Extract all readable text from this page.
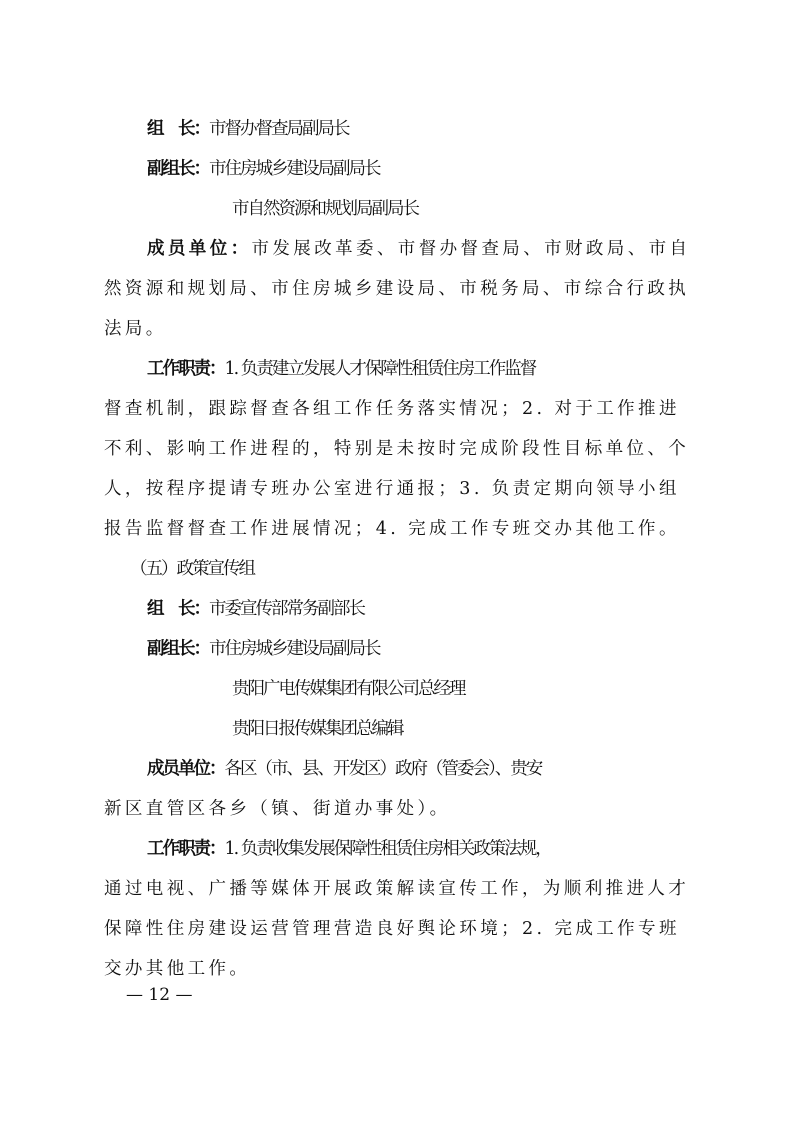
组　长：市督办督查局副局长
副组长：市住房城乡建设局副局长
市自然资源和规划局副局长
成员单位：市发展改革委、市督办督查局、市财政局、市自
然资源和规划局、市住房城乡建设局、市税务局、市综合行政执
法局。
工作职责：1. 负责建立发展人才保障性租赁住房工作监督
督查机制，跟踪督查各组工作任务落实情况；2. 对于工作推进
不利、影响工作进程的，特别是未按时完成阶段性目标单位、个
人，按程序提请专班办公室进行通报；3. 负责定期向领导小组
报告监督督查工作进展情况；4. 完成工作专班交办其他工作。
（五）政策宣传组
组　长：市委宣传部常务副部长
副组长：市住房城乡建设局副局长
贵阳广电传媒集团有限公司总经理
贵阳日报传媒集团总编辑
成员单位：各区（市、县、开发区）政府（管委会）、贵安
新区直管区各乡（镇、街道办事处）。
工作职责：1. 负责收集发展保障性租赁住房相关政策法规，
通过电视、广播等媒体开展政策解读宣传工作，为顺利推进人才
保障性住房建设运营管理营造良好舆论环境；2. 完成工作专班
交办其他工作。
— 12 —
